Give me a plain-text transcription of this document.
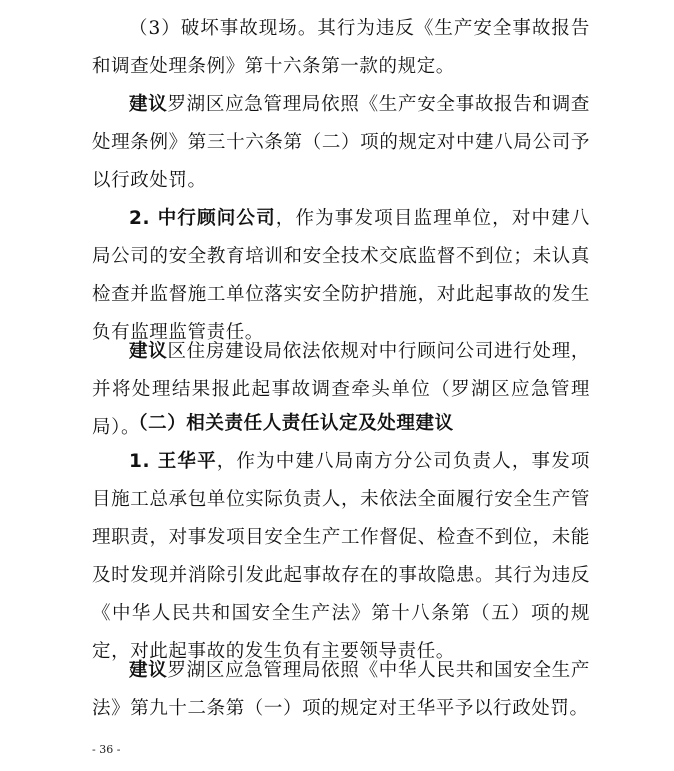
（3）破坏事故现场。其行为违反《生产安全事故报告和调查处理条例》第十六条第一款的规定。

建议罗湖区应急管理局依照《生产安全事故报告和调查处理条例》第三十六条第（二）项的规定对中建八局公司予以行政处罚。

2. 中行顾问公司，作为事发项目监理单位，对中建八局公司的安全教育培训和安全技术交底监督不到位；未认真检查并监督施工单位落实安全防护措施，对此起事故的发生负有监理监管责任。

建议区住房建设局依法依规对中行顾问公司进行处理，并将处理结果报此起事故调查牵头单位（罗湖区应急管理局）。

（二）相关责任人责任认定及处理建议

1. 王华平，作为中建八局南方分公司负责人，事发项目施工总承包单位实际负责人，未依法全面履行安全生产管理职责，对事发项目安全生产工作督促、检查不到位，未能及时发现并消除引发此起事故存在的事故隐患。其行为违反《中华人民共和国安全生产法》第十八条第（五）项的规定，对此起事故的发生负有主要领导责任。

建议罗湖区应急管理局依照《中华人民共和国安全生产法》第九十二条第（一）项的规定对王华平予以行政处罚。

- 36 -
